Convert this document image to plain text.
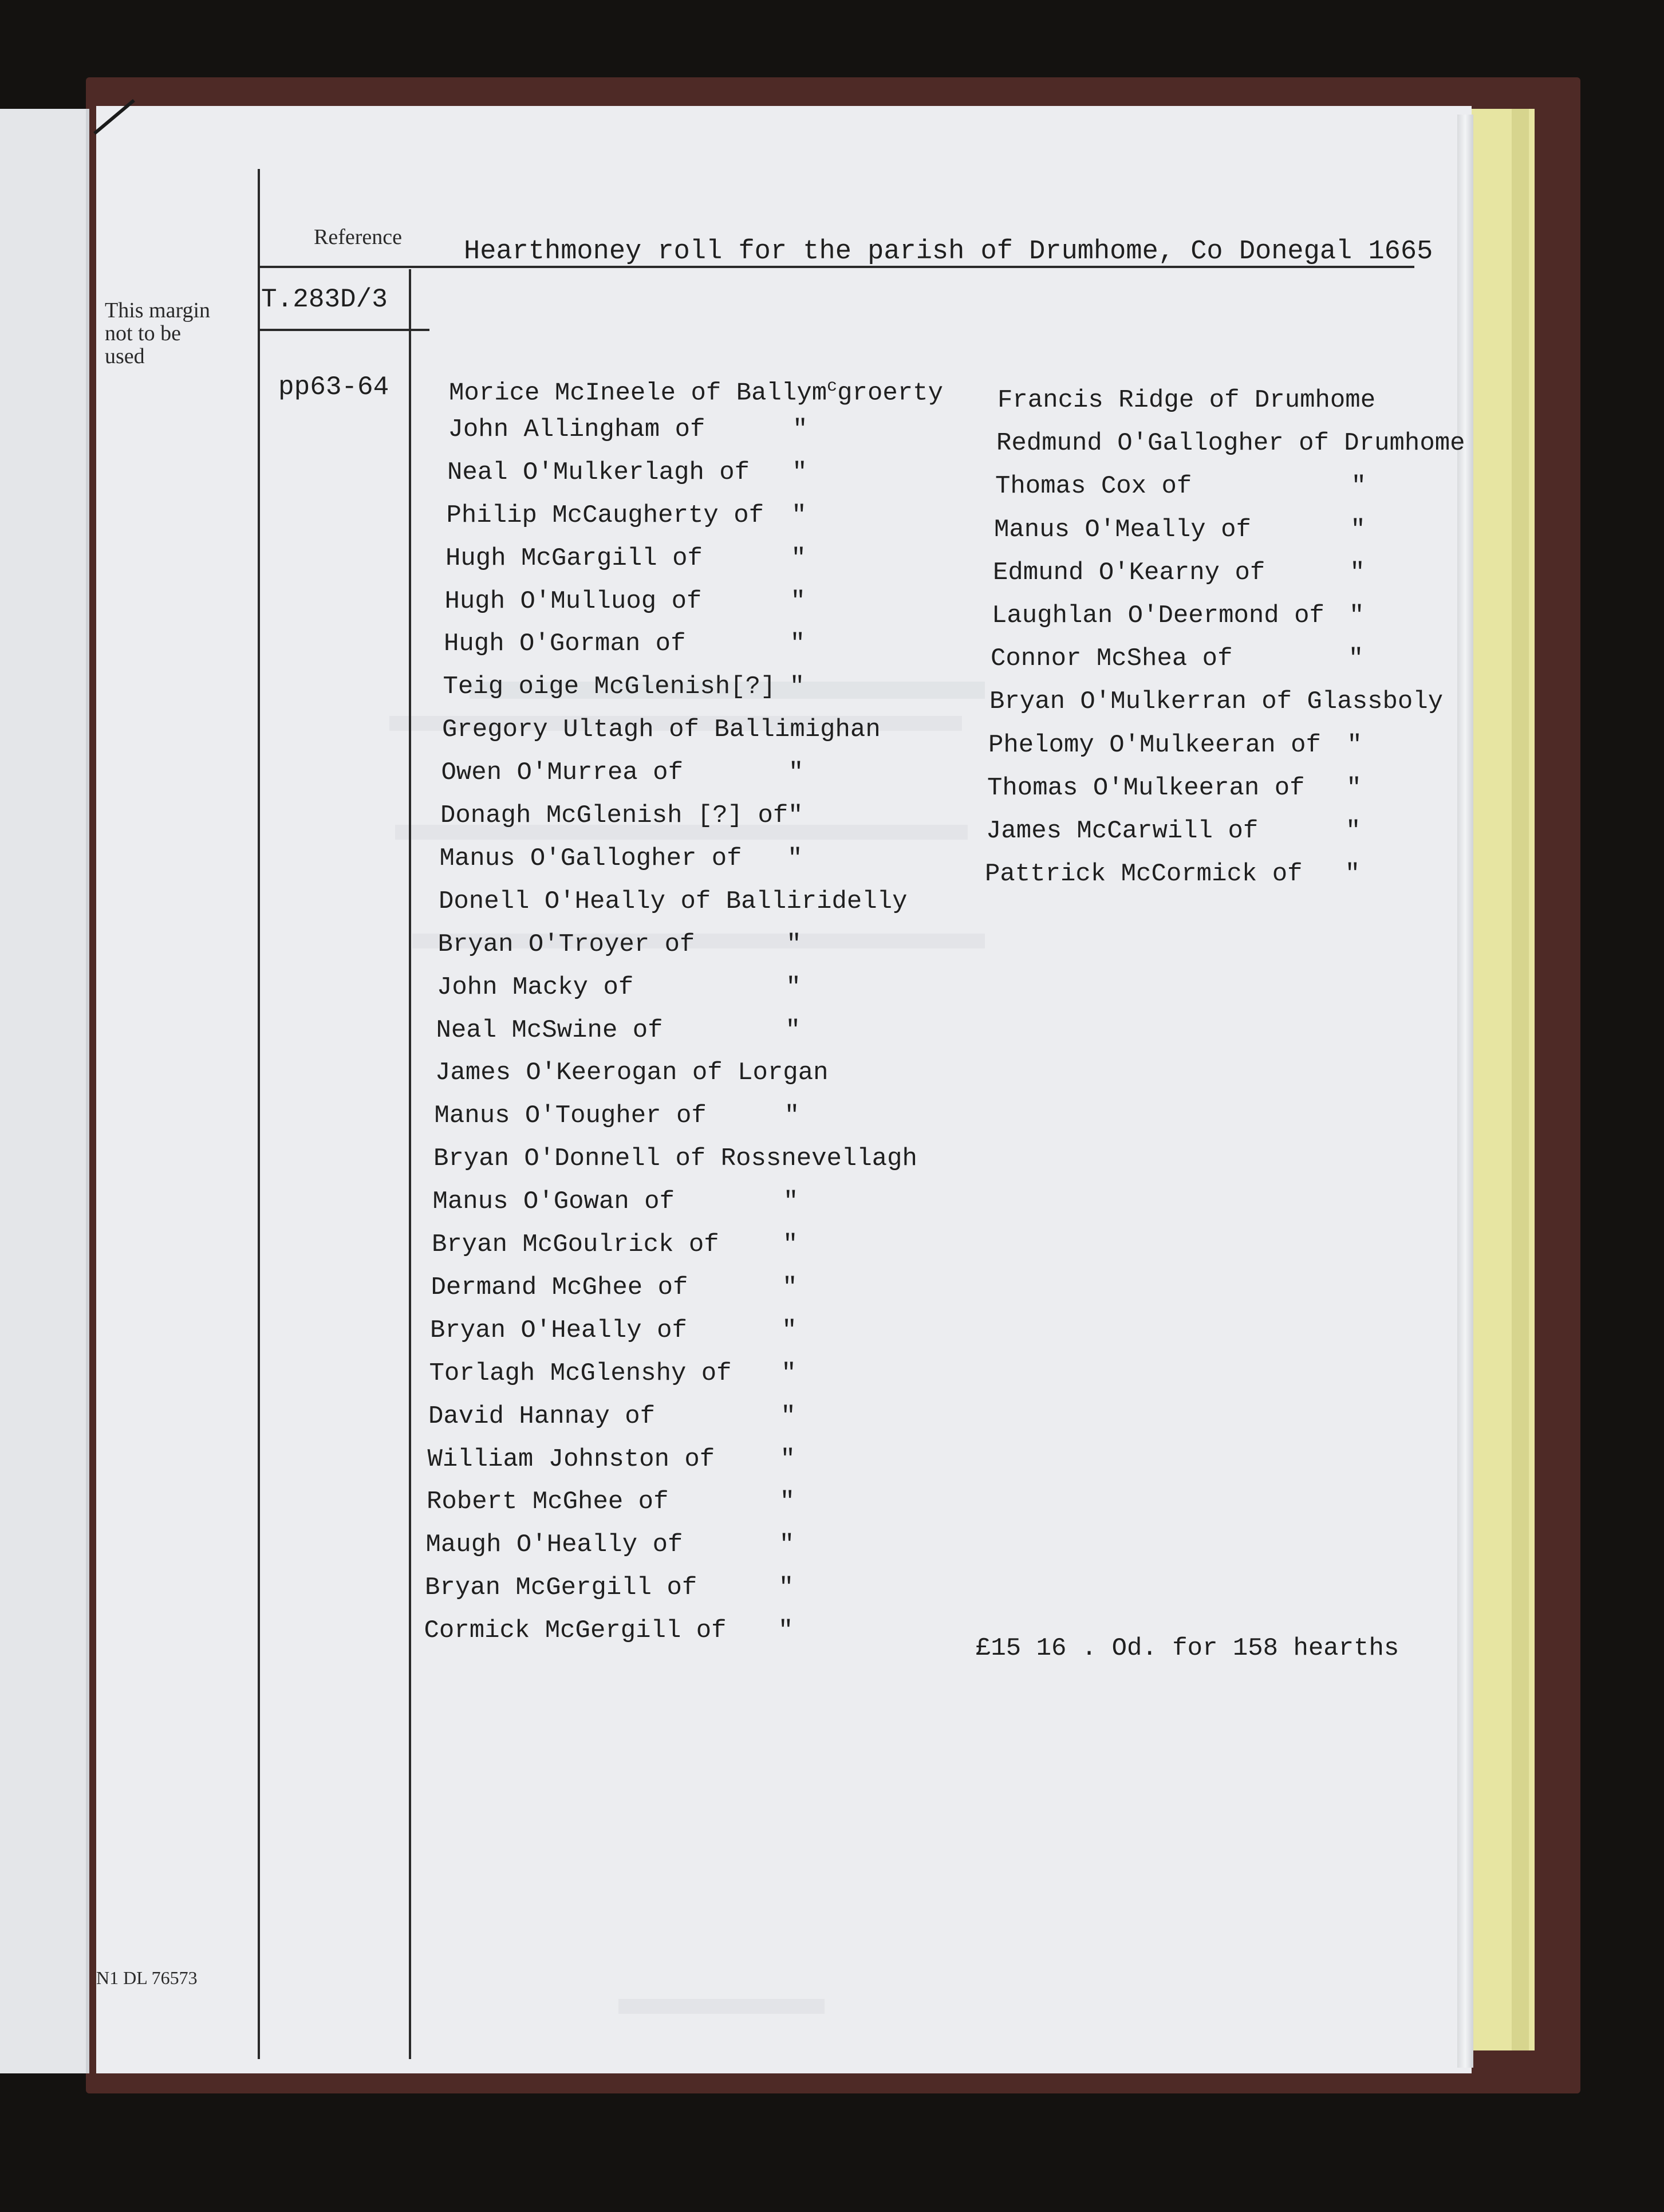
Reference Hearthmoney roll for the parish of Drumhome, Co Donegal 1665
This margin
not to be
used
T.283D/3
pp63-64
N1 DL 76573
Morice McIneele of Ballym$^c$groerty
John Allingham of	"
Neal O'Mulkerlagh of "
Philip McCaugherty of "
Hugh McGargill of	"
Hugh O'Mulluog of	"
Hugh O'Gorman of	"
Teig oige McGlenish[?] "
Gregory Ultagh of Ballimighan
Owen O'Murrea of	"
Donagh McGlenish [?] of "
Manus O'Gallogher of "
Donell O'Heally of Balliridelly
Bryan O'Troyer of	"
John Macky of	"
Neal McSwine of	"
James O'Keerogan of Lorgan
Manus O'Tougher of	"
Bryan O'Donnell of Rossnevellagh
Manus O'Gowan of	"
Bryan McGoulrick of	"
Dermand McGhee of	"
Bryan O'Heally of	"
Torlagh McGlenshy of "
David Hannay of	"
William Johnston of	"
Robert McGhee of	"
Maugh O'Heally of	"
Bryan McGergill of	"
Cormick McGergill of "
Francis Ridge of Drumhome
Redmund O'Gallogher of Drumhome
Thomas Cox of	"
Manus O'Meally of	"
Edmund O'Kearny of	"
Laughlan O'Deermond of "
Connor McShea of	"
Bryan O'Mulkerran of Glassboly
Phelomy O'Mulkeeran of "
Thomas O'Mulkeeran of "
James McCarwill of	"
Pattrick McCormick of "
£15 16 . Od. for 158 hearths
